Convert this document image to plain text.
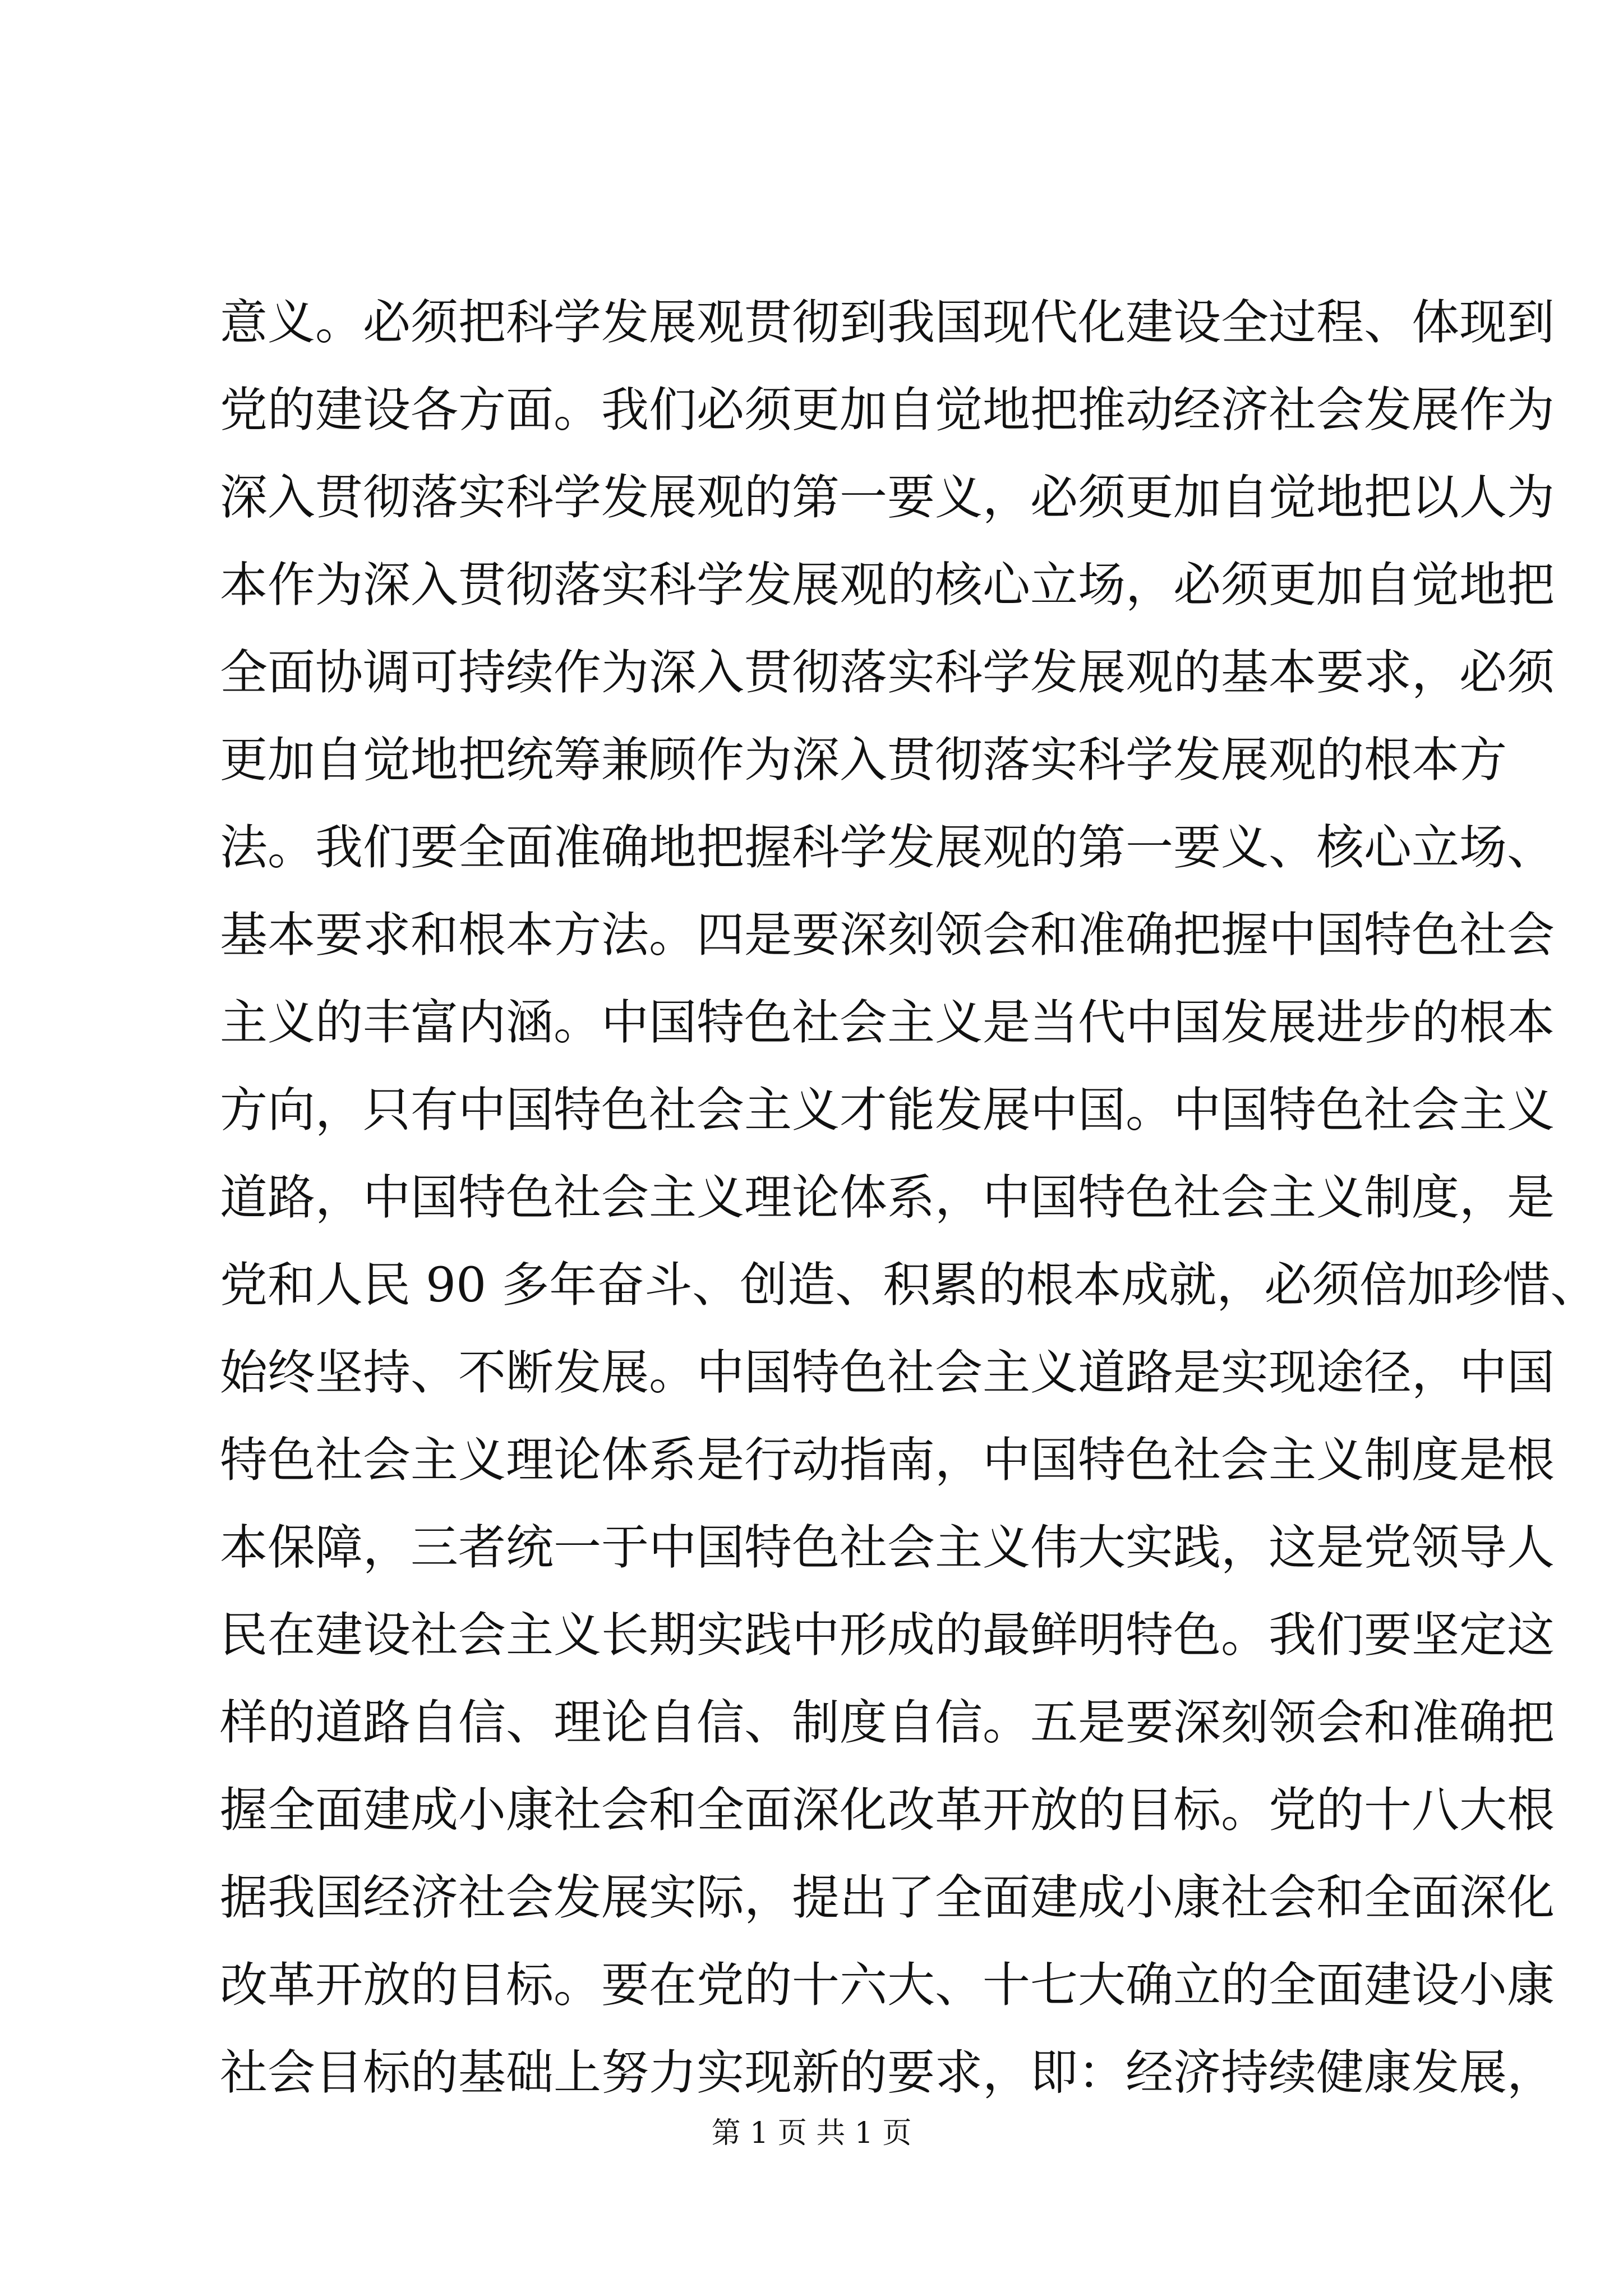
意义。必须把科学发展观贯彻到我国现代化建设全过程、体现到
党的建设各方面。我们必须更加自觉地把推动经济社会发展作为
深入贯彻落实科学发展观的第一要义，必须更加自觉地把以人为
本作为深入贯彻落实科学发展观的核心立场，必须更加自觉地把
全面协调可持续作为深入贯彻落实科学发展观的基本要求，必须
更加自觉地把统筹兼顾作为深入贯彻落实科学发展观的根本方
法。我们要全面准确地把握科学发展观的第一要义、核心立场、
基本要求和根本方法。四是要深刻领会和准确把握中国特色社会
主义的丰富内涵。中国特色社会主义是当代中国发展进步的根本
方向，只有中国特色社会主义才能发展中国。中国特色社会主义
道路，中国特色社会主义理论体系，中国特色社会主义制度，是
党和人民 90 多年奋斗、创造、积累的根本成就，必须倍加珍惜、
始终坚持、不断发展。中国特色社会主义道路是实现途径，中国
特色社会主义理论体系是行动指南，中国特色社会主义制度是根
本保障，三者统一于中国特色社会主义伟大实践，这是党领导人
民在建设社会主义长期实践中形成的最鲜明特色。我们要坚定这
样的道路自信、理论自信、制度自信。五是要深刻领会和准确把
握全面建成小康社会和全面深化改革开放的目标。党的十八大根
据我国经济社会发展实际，提出了全面建成小康社会和全面深化
改革开放的目标。要在党的十六大、十七大确立的全面建设小康
社会目标的基础上努力实现新的要求，即：经济持续健康发展，
第 1 页 共 1 页
